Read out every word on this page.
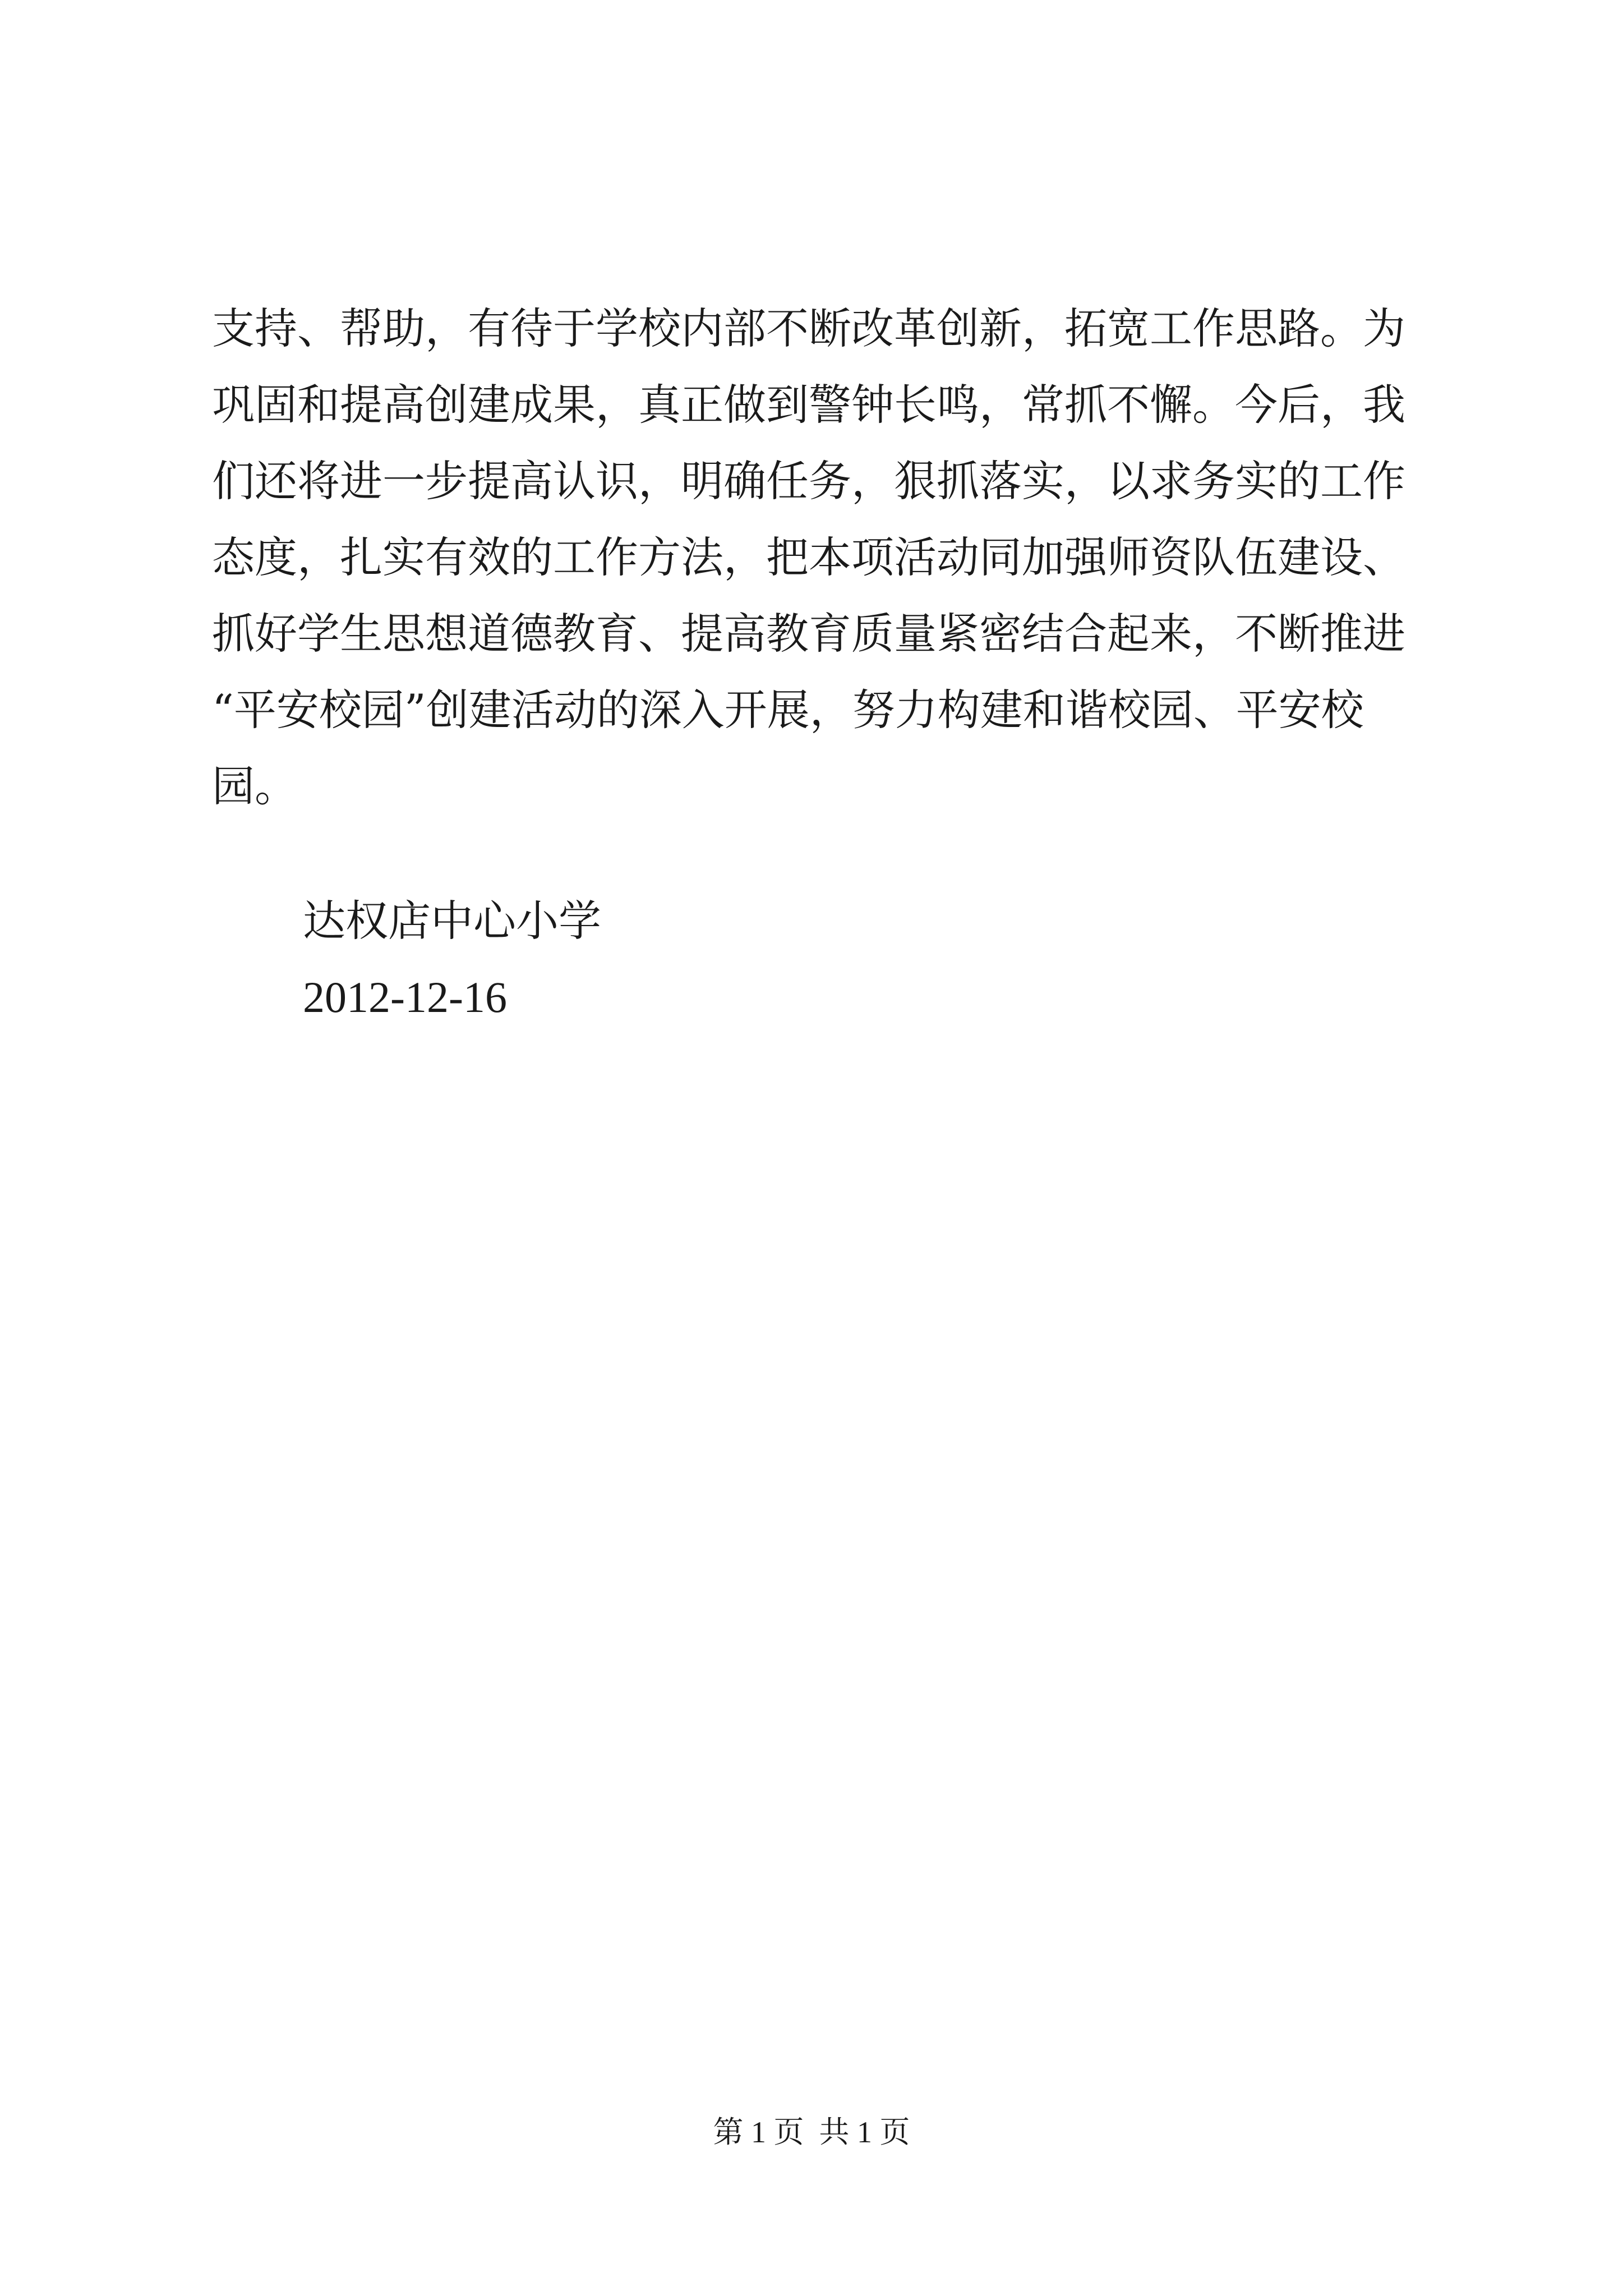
支持、帮助，有待于学校内部不断改革创新，拓宽工作思路。为
巩固和提高创建成果，真正做到警钟长鸣，常抓不懈。今后，我
们还将进一步提高认识，明确任务，狠抓落实，以求务实的工作
态度，扎实有效的工作方法，把本项活动同加强师资队伍建设、
抓好学生思想道德教育、提高教育质量紧密结合起来，不断推进
“平安校园”创建活动的深入开展，努力构建和谐校园、平安校
园。
达权店中心小学
2012-12-16
第 1 页  共 1 页
